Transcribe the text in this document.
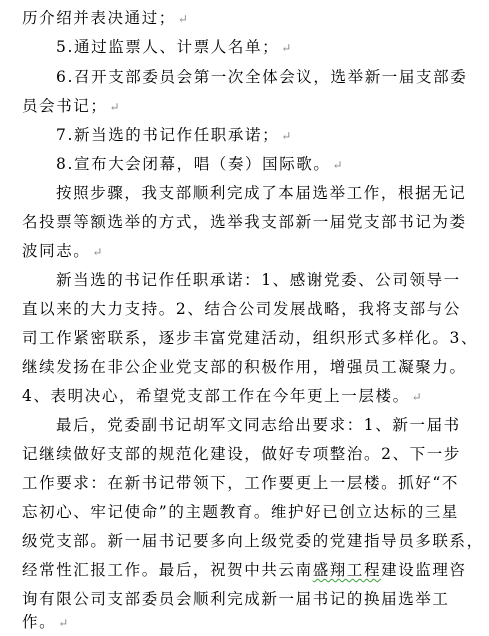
历介绍并表决通过； ↵
5.通过监票人、计票人名单； ↵
6.召开支部委员会第一次全体会议，选举新一届支部委
员会书记； ↵
7.新当选的书记作任职承诺； ↵
8.宣布大会闭幕，唱（奏）国际歌。 ↵
按照步骤，我支部顺利完成了本届选举工作，根据无记
名投票等额选举的方式，选举我支部新一届党支部书记为娄
波同志。 ↵
新当选的书记作任职承诺：1、感谢党委、公司领导一
直以来的大力支持。2、结合公司发展战略，我将支部与公
司工作紧密联系，逐步丰富党建活动，组织形式多样化。3、
继续发扬在非公企业党支部的积极作用，增强员工凝聚力。
4、表明决心，希望党支部工作在今年更上一层楼。 ↵
最后，党委副书记胡军文同志给出要求：1、新一届书
记继续做好支部的规范化建设，做好专项整治。2、下一步
工作要求：在新书记带领下，工作要更上一层楼。抓好“不
忘初心、牢记使命”的主题教育。维护好已创立达标的三星
级党支部。新一届书记要多向上级党委的党建指导员多联系，
经常性汇报工作。最后，祝贺中共云南盛翔工程建设监理咨
询有限公司支部委员会顺利完成新一届书记的换届选举工
作。 ↵
